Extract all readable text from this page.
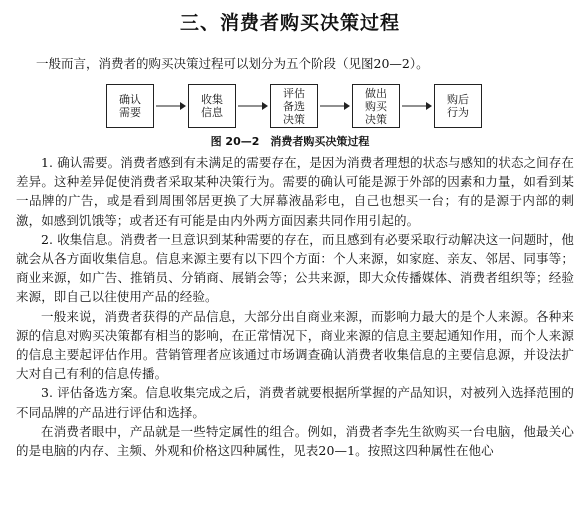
三、消费者购买决策过程
一般而言，消费者的购买决策过程可以划分为五个阶段（见图20—2）。
确认
需要
收集
信息
评估
备选
决策
做出
购买
决策
购后
行为
图 20—2　消费者购买决策过程

1. 确认需要。消费者感到有未满足的需要存在，是因为消费者理想的状态与感知的状态之间存在差异。这种差异促使消费者采取某种决策行为。需要的确认可能是源于外部的因素和力量，如看到某一品牌的广告，或是看到周围邻居更换了大屏幕液晶彩电，自己也想买一台；有的是源于内部的刺激，如感到饥饿等；或者还有可能是由内外两方面因素共同作用引起的。

2. 收集信息。消费者一旦意识到某种需要的存在，而且感到有必要采取行动解决这一问题时，他就会从各方面收集信息。信息来源主要有以下四个方面：个人来源，如家庭、亲友、邻居、同事等；商业来源，如广告、推销员、分销商、展销会等；公共来源，即大众传播媒体、消费者组织等；经验来源，即自己以往使用产品的经验。

一般来说，消费者获得的产品信息，大部分出自商业来源，而影响力最大的是个人来源。各种来源的信息对购买决策都有相当的影响，在正常情况下，商业来源的信息主要起通知作用，而个人来源的信息主要起评估作用。营销管理者应该通过市场调查确认消费者收集信息的主要信息源，并设法扩大对自己有利的信息传播。

3. 评估备选方案。信息收集完成之后，消费者就要根据所掌握的产品知识，对被列入选择范围的不同品牌的产品进行评估和选择。

在消费者眼中，产品就是一些特定属性的组合。例如，消费者李先生欲购买一台电脑，他最关心的是电脑的内存、主频、外观和价格这四种属性，见表20—1。按照这四种属性在他心
